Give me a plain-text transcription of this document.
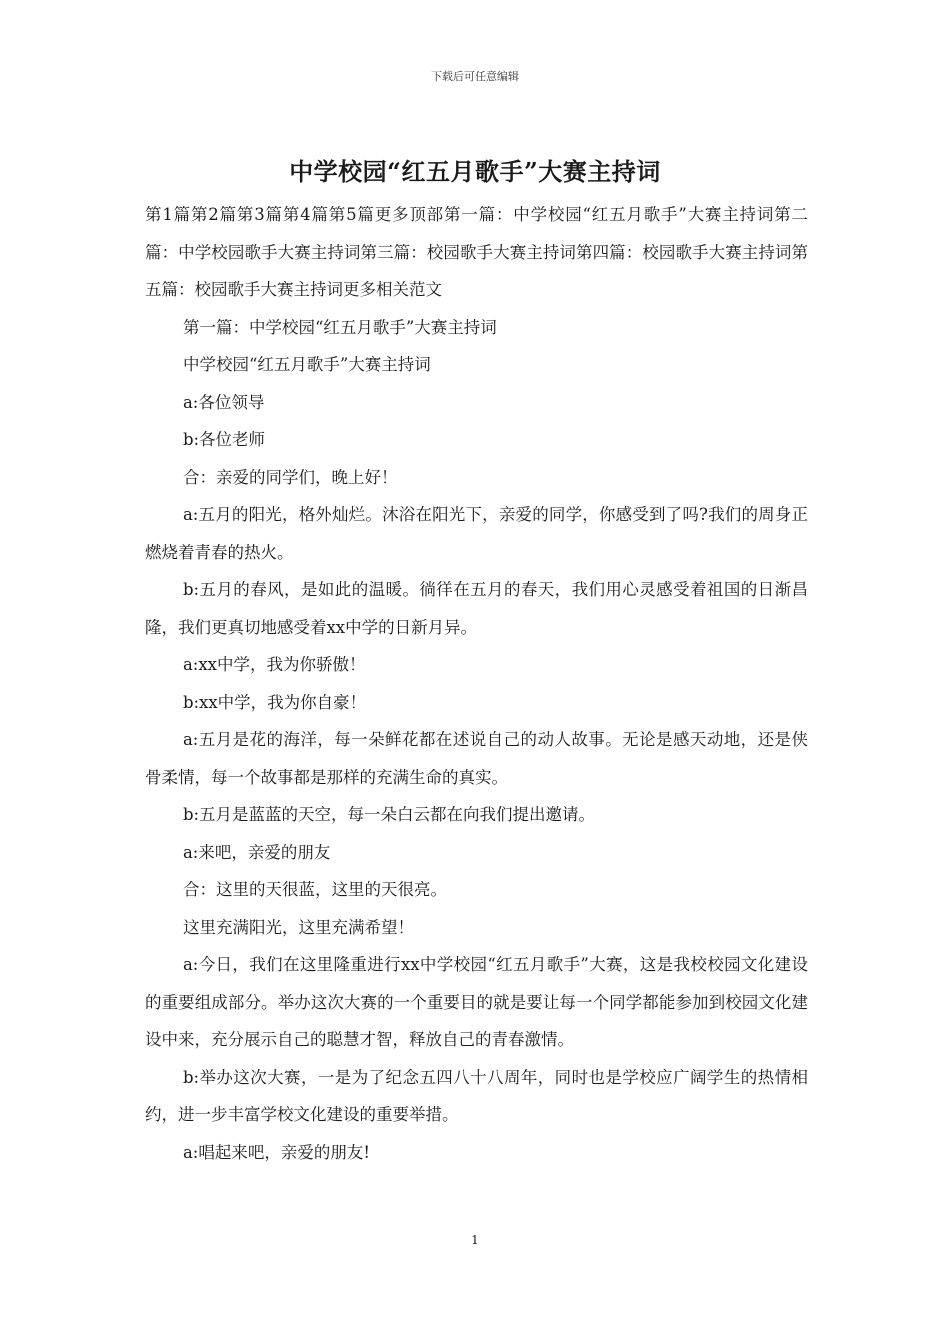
下载后可任意编辑
中学校园“红五月歌手”大赛主持词

第1篇第2篇第3篇第4篇第5篇更多顶部第一篇：中学校园“红五月歌手”大赛主持词第二篇：中学校园歌手大赛主持词第三篇：校园歌手大赛主持词第四篇：校园歌手大赛主持词第五篇：校园歌手大赛主持词更多相关范文

第一篇：中学校园“红五月歌手”大赛主持词

中学校园“红五月歌手”大赛主持词

a:各位领导

b:各位老师

合：亲爱的同学们，晚上好！

a:五月的阳光，格外灿烂。沐浴在阳光下，亲爱的同学，你感受到了吗?我们的周身正燃烧着青春的热火。

b:五月的春风，是如此的温暖。徜徉在五月的春天，我们用心灵感受着祖国的日渐昌隆，我们更真切地感受着xx中学的日新月异。

a:xx中学，我为你骄傲！

b:xx中学，我为你自豪！

a:五月是花的海洋，每一朵鲜花都在述说自己的动人故事。无论是感天动地，还是侠骨柔情，每一个故事都是那样的充满生命的真实。

b:五月是蓝蓝的天空，每一朵白云都在向我们提出邀请。

a:来吧，亲爱的朋友

合：这里的天很蓝，这里的天很亮。

这里充满阳光，这里充满希望！

a:今日，我们在这里隆重进行xx中学校园“红五月歌手”大赛，这是我校校园文化建设的重要组成部分。举办这次大赛的一个重要目的就是要让每一个同学都能参加到校园文化建设中来，充分展示自己的聪慧才智，释放自己的青春激情。

b:举办这次大赛，一是为了纪念五四八十八周年，同时也是学校应广阔学生的热情相约，进一步丰富学校文化建设的重要举措。

a:唱起来吧，亲爱的朋友!

1
